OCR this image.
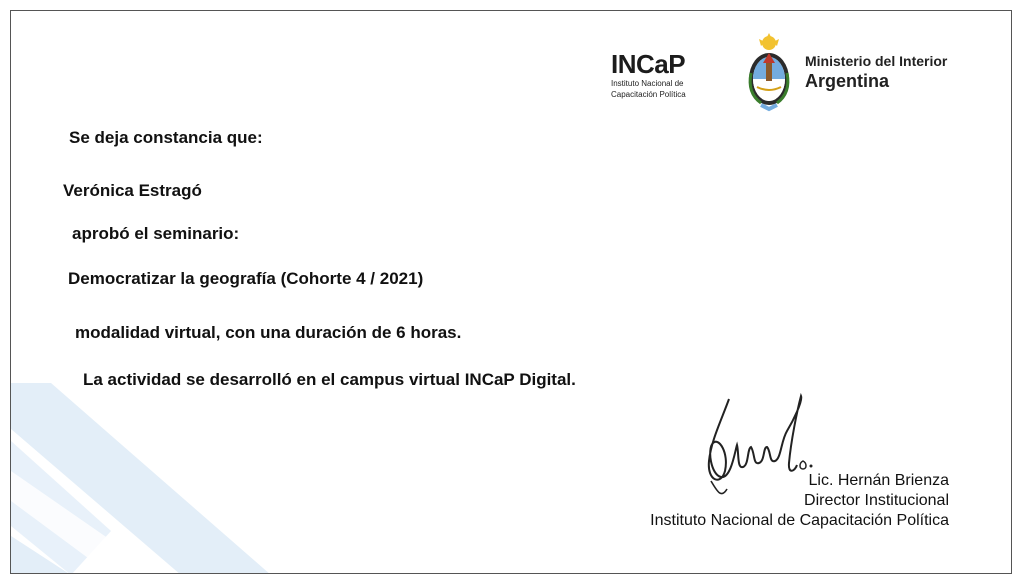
INCaP
Instituto Nacional de
Capacitación Política
Ministerio del Interior
Argentina
Se deja constancia que:
Verónica Estragó
aprobó el seminario:
Democratizar la geografía (Cohorte 4 / 2021)
modalidad virtual, con una duración de 6 horas.
La actividad se desarrolló en el campus virtual INCaP Digital.
Lic. Hernán Brienza
Director Institucional
Instituto Nacional de Capacitación Política
